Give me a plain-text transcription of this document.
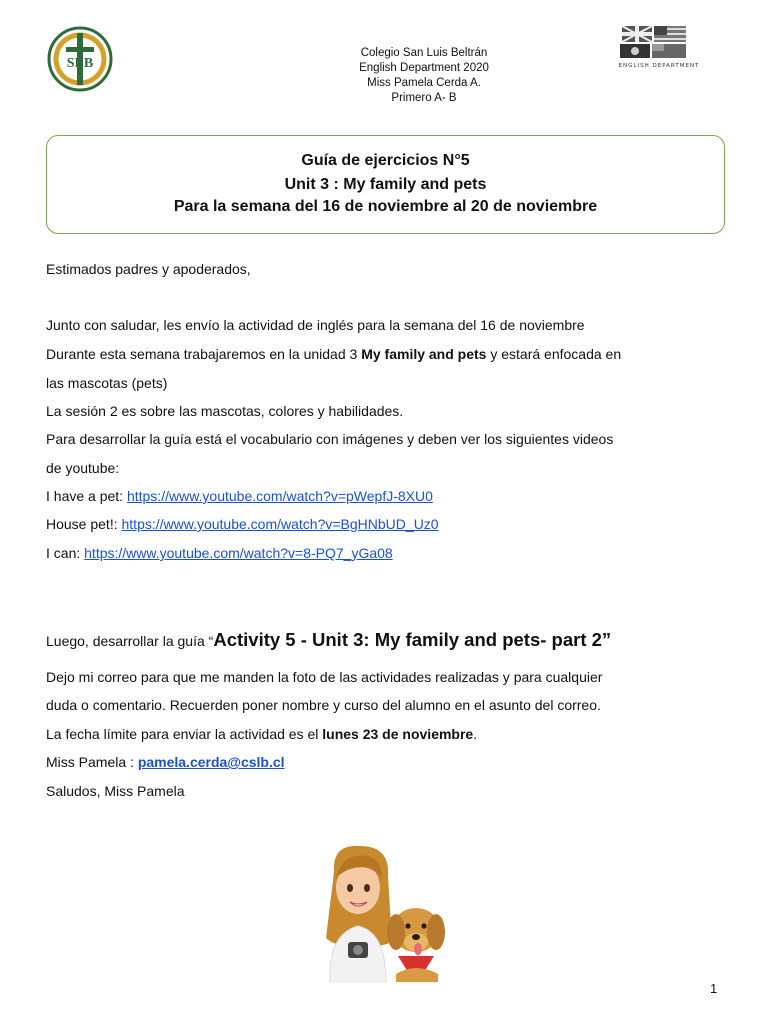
SLB
Colegio San Luis Beltrán
English Department 2020
Miss Pamela Cerda A.
Primero A- B
ENGLISH DEPARTMENT
Guía de ejercicios N°5
Unit 3 : My family and pets
Para la semana del 16 de noviembre al 20 de noviembre
Estimados padres y apoderados,
Junto con saludar, les envío la actividad de inglés para la semana del 16 de noviembre
Durante esta semana trabajaremos en la unidad 3 My family and pets y estará enfocada en
las mascotas (pets)
La sesión 2 es sobre las mascotas, colores y habilidades.
Para desarrollar la guía está el vocabulario con imágenes y deben ver los siguientes videos
de youtube:
I have a pet: https://www.youtube.com/watch?v=pWepfJ-8XU0
House pet!: https://www.youtube.com/watch?v=BgHNbUD_Uz0
I can: https://www.youtube.com/watch?v=8-PQ7_yGa08
Luego, desarrollar la guía “Activity 5 - Unit 3: My family and pets- part 2”
Dejo mi correo para que me manden la foto de las actividades realizadas y para cualquier
duda o comentario. Recuerden poner nombre y curso del alumno en el asunto del correo.
La fecha límite para enviar la actividad es el lunes 23 de noviembre.
Miss Pamela : pamela.cerda@cslb.cl
Saludos, Miss Pamela
1
